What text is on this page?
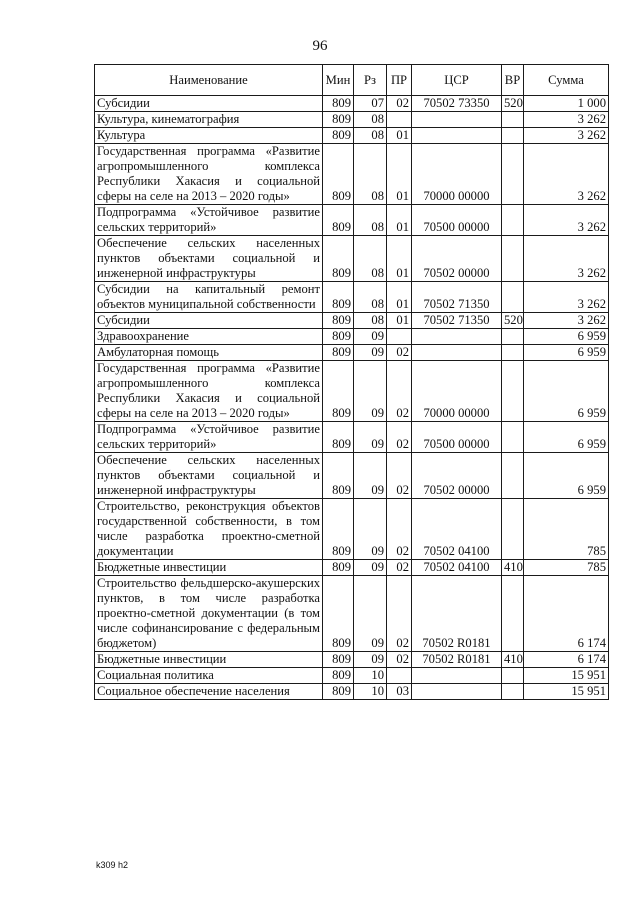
96
Наименование	Мин	Рз	ПР	ЦСР	ВР	Сумма
Субсидии	809	07	02	70502 73350	520	1 000
Культура, кинематография	809	08				3 262
Культура	809	08	01			3 262
Государственная программа «Развитие агропромышленного комплекса Республики Хакасия и социальной сферы на селе на 2013 – 2020 годы»	809	08	01	70000 00000		3 262
Подпрограмма «Устойчивое развитие сельских территорий»	809	08	01	70500 00000		3 262
Обеспечение сельских населенных пунктов объектами социальной и инженерной инфраструктуры	809	08	01	70502 00000		3 262
Субсидии на капитальный ремонт объектов муниципальной собственности	809	08	01	70502 71350		3 262
Субсидии	809	08	01	70502 71350	520	3 262
Здравоохранение	809	09				6 959
Амбулаторная помощь	809	09	02			6 959
Государственная программа «Развитие агропромышленного комплекса Республики Хакасия и социальной сферы на селе на 2013 – 2020 годы»	809	09	02	70000 00000		6 959
Подпрограмма «Устойчивое развитие сельских территорий»	809	09	02	70500 00000		6 959
Обеспечение сельских населенных пунктов объектами социальной и инженерной инфраструктуры	809	09	02	70502 00000		6 959
Строительство, реконструкция объектов государственной собственности, в том числе разработка проектно-сметной документации	809	09	02	70502 04100		785
Бюджетные инвестиции	809	09	02	70502 04100	410	785
Строительство фельдшерско-акушерских пунктов, в том числе разработка проектно-сметной документации (в том числе софинансирование с федеральным бюджетом)	809	09	02	70502 R0181		6 174
Бюджетные инвестиции	809	09	02	70502 R0181	410	6 174
Социальная политика	809	10				15 951
Социальное обеспечение населения	809	10	03			15 951
k309 h2
